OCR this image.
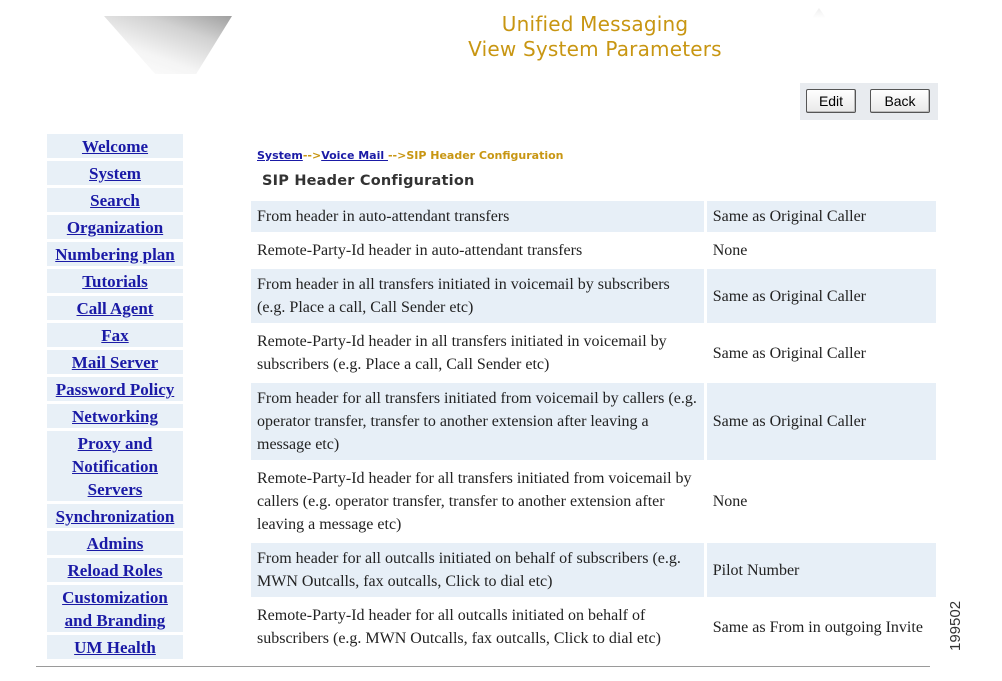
Unified Messaging
View System Parameters
Edit	Back
Welcome
System
Search
Organization
Numbering plan
Tutorials
Call Agent
Fax
Mail Server
Password Policy
Networking
Proxy and Notification Servers
Synchronization
Admins
Reload Roles
Customization and Branding
UM Health
System-->Voice Mail -->SIP Header Configuration
SIP Header Configuration
From header in auto-attendant transfers	Same as Original Caller
Remote-Party-Id header in auto-attendant transfers	None
From header in all transfers initiated in voicemail by subscribers (e.g. Place a call, Call Sender etc)	Same as Original Caller
Remote-Party-Id header in all transfers initiated in voicemail by subscribers (e.g. Place a call, Call Sender etc)	Same as Original Caller
From header for all transfers initiated from voicemail by callers (e.g. operator transfer, transfer to another extension after leaving a message etc)	Same as Original Caller
Remote-Party-Id header for all transfers initiated from voicemail by callers (e.g. operator transfer, transfer to another extension after leaving a message etc)	None
From header for all outcalls initiated on behalf of subscribers (e.g. MWN Outcalls, fax outcalls, Click to dial etc)	Pilot Number
Remote-Party-Id header for all outcalls initiated on behalf of subscribers (e.g. MWN Outcalls, fax outcalls, Click to dial etc)	Same as From in outgoing Invite 199502
